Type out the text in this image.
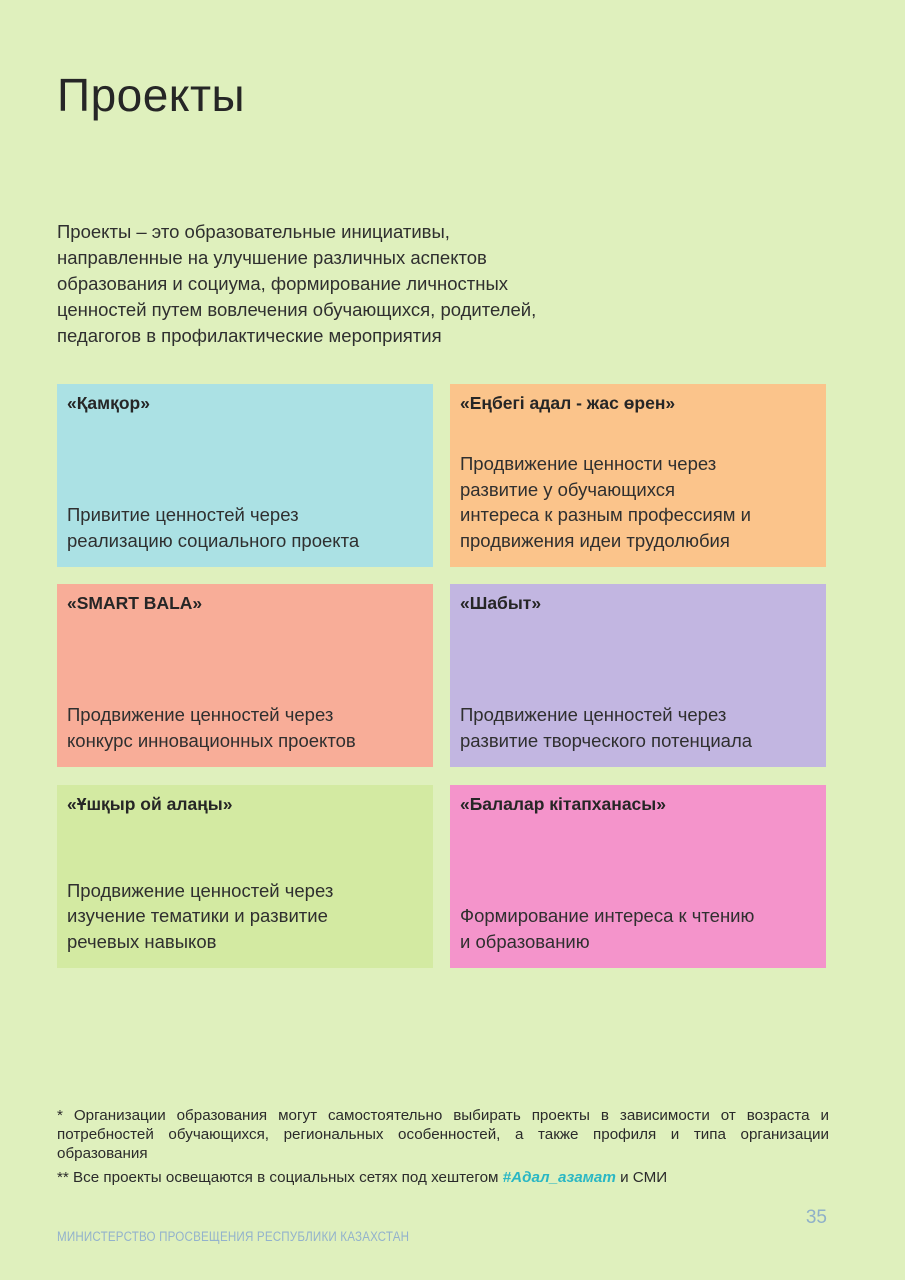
Проекты
Проекты – это образовательные инициативы,
направленные на улучшение различных аспектов
образования и социума, формирование личностных
ценностей путем вовлечения обучающихся, родителей,
педагогов в профилактические мероприятия
«Қамқор»
Привитие ценностей через
реализацию социального проекта
«Еңбегі адал - жас өрен»
Продвижение ценности через
развитие у обучающихся
интереса к разным профессиям и
продвижения идеи трудолюбия
«SMART BALA»
Продвижение ценностей через
конкурс инновационных проектов
«Шабыт»
Продвижение ценностей через
развитие творческого потенциала
«Ұшқыр ой алаңы»
Продвижение ценностей через
изучение тематики и развитие
речевых навыков
«Балалар кітапханасы»
Формирование интереса к чтению
и образованию

* Организации образования могут самостоятельно выбирать проекты в зависимости от возраста и потребностей обучающихся, региональных особенностей, а также профиля и типа организации образования

** Все проекты освещаются в социальных сетях под хештегом #Адал_азамат и СМИ

35
МИНИСТЕРСТВО ПРОСВЕЩЕНИЯ РЕСПУБЛИКИ КАЗАХСТАН
